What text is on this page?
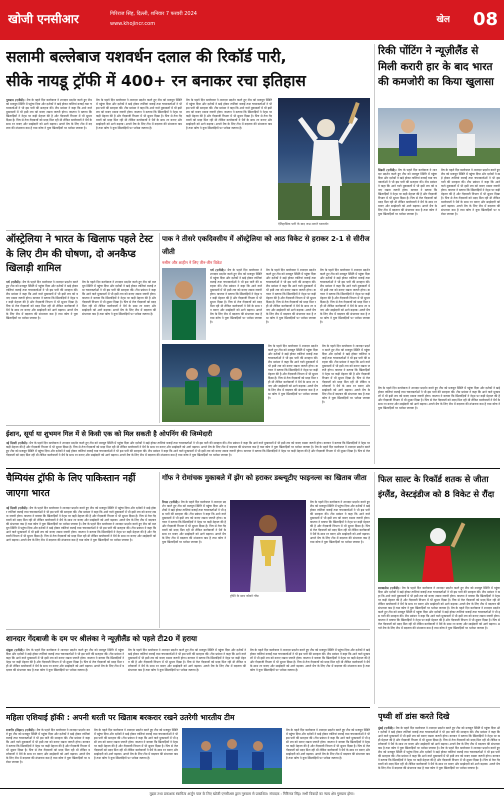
खोजी एनसीआर	गिरिराज सिंह, दिल्ली, शनिवार 7 फरवरी 2024
www.khojincr.com	खेल	08
सलामी बल्लेबाज यशवर्धन दलाल की रिकॉर्ड पारी,
सीके नायडू ट्रॉफी में 400+ रन बनाकर रचा इतिहास
गुरुग्राम (एजेंसी): मैच के पहले दिन बल्लेबाज ने शानदार प्रदर्शन करते हुए टीम को मजबूत स्थिति में पहुंचा दिया और दर्शकों ने खड़े होकर तालियां बजाईं तथा चयनकर्ताओं ने भी इस पारी की सराहना की। टीम प्रबंधन ने कहा कि आने वाले मुकाबलों में भी इसी लय को बनाए रखना जरूरी होगा। कप्तान ने बताया कि खिलाड़ियों ने नेट्स पर कड़ी मेहनत की है और गेंदबाजी विभाग में भी सुधार दिखा है। पिच से तेज गेंदबाजों को मदद मिल रही थी लेकिन बल्लेबाजों ने धैर्य के साथ रन बनाए और साझेदारी को आगे बढ़ाया। अगले मैच के लिए टीम में बदलाव की संभावना कम है तथा कोच ने युवा खिलाड़ियों पर भरोसा जताया है।
मैच के पहले दिन बल्लेबाज ने शानदार प्रदर्शन करते हुए टीम को मजबूत स्थिति में पहुंचा दिया और दर्शकों ने खड़े होकर तालियां बजाईं तथा चयनकर्ताओं ने भी इस पारी की सराहना की। टीम प्रबंधन ने कहा कि आने वाले मुकाबलों में भी इसी लय को बनाए रखना जरूरी होगा। कप्तान ने बताया कि खिलाड़ियों ने नेट्स पर कड़ी मेहनत की है और गेंदबाजी विभाग में भी सुधार दिखा है। पिच से तेज गेंदबाजों को मदद मिल रही थी लेकिन बल्लेबाजों ने धैर्य के साथ रन बनाए और साझेदारी को आगे बढ़ाया। अगले मैच के लिए टीम में बदलाव की संभावना कम है तथा कोच ने युवा खिलाड़ियों पर भरोसा जताया है।
मैच के पहले दिन बल्लेबाज ने शानदार प्रदर्शन करते हुए टीम को मजबूत स्थिति में पहुंचा दिया और दर्शकों ने खड़े होकर तालियां बजाईं तथा चयनकर्ताओं ने भी इस पारी की सराहना की। टीम प्रबंधन ने कहा कि आने वाले मुकाबलों में भी इसी लय को बनाए रखना जरूरी होगा। कप्तान ने बताया कि खिलाड़ियों ने नेट्स पर कड़ी मेहनत की है और गेंदबाजी विभाग में भी सुधार दिखा है। पिच से तेज गेंदबाजों को मदद मिल रही थी लेकिन बल्लेबाजों ने धैर्य के साथ रन बनाए और साझेदारी को आगे बढ़ाया। अगले मैच के लिए टीम में बदलाव की संभावना कम है तथा कोच ने युवा खिलाड़ियों पर भरोसा जताया है।
ऐतिहासिक पारी के बाद जश्न मनाते यशवर्धन
रिकी पोंटिंग ने न्यूज़ीलैंड से मिली करारी हार के बाद भारत की कमजोरी का किया खुलासा
सिडनी (एजेंसी): मैच के पहले दिन बल्लेबाज ने शानदार प्रदर्शन करते हुए टीम को मजबूत स्थिति में पहुंचा दिया और दर्शकों ने खड़े होकर तालियां बजाईं तथा चयनकर्ताओं ने भी इस पारी की सराहना की। टीम प्रबंधन ने कहा कि आने वाले मुकाबलों में भी इसी लय को बनाए रखना जरूरी होगा। कप्तान ने बताया कि खिलाड़ियों ने नेट्स पर कड़ी मेहनत की है और गेंदबाजी विभाग में भी सुधार दिखा है। पिच से तेज गेंदबाजों को मदद मिल रही थी लेकिन बल्लेबाजों ने धैर्य के साथ रन बनाए और साझेदारी को आगे बढ़ाया। अगले मैच के लिए टीम में बदलाव की संभावना कम है तथा कोच ने युवा खिलाड़ियों पर भरोसा जताया है।
मैच के पहले दिन बल्लेबाज ने शानदार प्रदर्शन करते हुए टीम को मजबूत स्थिति में पहुंचा दिया और दर्शकों ने खड़े होकर तालियां बजाईं तथा चयनकर्ताओं ने भी इस पारी की सराहना की। टीम प्रबंधन ने कहा कि आने वाले मुकाबलों में भी इसी लय को बनाए रखना जरूरी होगा। कप्तान ने बताया कि खिलाड़ियों ने नेट्स पर कड़ी मेहनत की है और गेंदबाजी विभाग में भी सुधार दिखा है। पिच से तेज गेंदबाजों को मदद मिल रही थी लेकिन बल्लेबाजों ने धैर्य के साथ रन बनाए और साझेदारी को आगे बढ़ाया। अगले मैच के लिए टीम में बदलाव की संभावना कम है तथा कोच ने युवा खिलाड़ियों पर भरोसा जताया है।
ऑस्ट्रेलिया ने भारत के खिलाफ पहले टेस्ट के लिए टीम की घोषणा, दो अनकैप्ड खिलाड़ी शामिल
पर्थ (एजेंसी): मैच के पहले दिन बल्लेबाज ने शानदार प्रदर्शन करते हुए टीम को मजबूत स्थिति में पहुंचा दिया और दर्शकों ने खड़े होकर तालियां बजाईं तथा चयनकर्ताओं ने भी इस पारी की सराहना की। टीम प्रबंधन ने कहा कि आने वाले मुकाबलों में भी इसी लय को बनाए रखना जरूरी होगा। कप्तान ने बताया कि खिलाड़ियों ने नेट्स पर कड़ी मेहनत की है और गेंदबाजी विभाग में भी सुधार दिखा है। पिच से तेज गेंदबाजों को मदद मिल रही थी लेकिन बल्लेबाजों ने धैर्य के साथ रन बनाए और साझेदारी को आगे बढ़ाया। अगले मैच के लिए टीम में बदलाव की संभावना कम है तथा कोच ने युवा खिलाड़ियों पर भरोसा जताया है।
मैच के पहले दिन बल्लेबाज ने शानदार प्रदर्शन करते हुए टीम को मजबूत स्थिति में पहुंचा दिया और दर्शकों ने खड़े होकर तालियां बजाईं तथा चयनकर्ताओं ने भी इस पारी की सराहना की। टीम प्रबंधन ने कहा कि आने वाले मुकाबलों में भी इसी लय को बनाए रखना जरूरी होगा। कप्तान ने बताया कि खिलाड़ियों ने नेट्स पर कड़ी मेहनत की है और गेंदबाजी विभाग में भी सुधार दिखा है। पिच से तेज गेंदबाजों को मदद मिल रही थी लेकिन बल्लेबाजों ने धैर्य के साथ रन बनाए और साझेदारी को आगे बढ़ाया। अगले मैच के लिए टीम में बदलाव की संभावना कम है तथा कोच ने युवा खिलाड़ियों पर भरोसा जताया है।
पाक ने तीसरे एकदिवसीय में ऑस्ट्रेलिया को आठ विकेट से हराकर 2-1 से सीरीज जीती
नसीम और शाहीन ने लिए तीन-तीन विकेट
पर्थ (एजेंसी): मैच के पहले दिन बल्लेबाज ने शानदार प्रदर्शन करते हुए टीम को मजबूत स्थिति में पहुंचा दिया और दर्शकों ने खड़े होकर तालियां बजाईं तथा चयनकर्ताओं ने भी इस पारी की सराहना की। टीम प्रबंधन ने कहा कि आने वाले मुकाबलों में भी इसी लय को बनाए रखना जरूरी होगा। कप्तान ने बताया कि खिलाड़ियों ने नेट्स पर कड़ी मेहनत की है और गेंदबाजी विभाग में भी सुधार दिखा है। पिच से तेज गेंदबाजों को मदद मिल रही थी लेकिन बल्लेबाजों ने धैर्य के साथ रन बनाए और साझेदारी को आगे बढ़ाया। अगले मैच के लिए टीम में बदलाव की संभावना कम है तथा कोच ने युवा खिलाड़ियों पर भरोसा जताया है।
मैच के पहले दिन बल्लेबाज ने शानदार प्रदर्शन करते हुए टीम को मजबूत स्थिति में पहुंचा दिया और दर्शकों ने खड़े होकर तालियां बजाईं तथा चयनकर्ताओं ने भी इस पारी की सराहना की। टीम प्रबंधन ने कहा कि आने वाले मुकाबलों में भी इसी लय को बनाए रखना जरूरी होगा। कप्तान ने बताया कि खिलाड़ियों ने नेट्स पर कड़ी मेहनत की है और गेंदबाजी विभाग में भी सुधार दिखा है। पिच से तेज गेंदबाजों को मदद मिल रही थी लेकिन बल्लेबाजों ने धैर्य के साथ रन बनाए और साझेदारी को आगे बढ़ाया। अगले मैच के लिए टीम में बदलाव की संभावना कम है तथा कोच ने युवा खिलाड़ियों पर भरोसा जताया है।
मैच के पहले दिन बल्लेबाज ने शानदार प्रदर्शन करते हुए टीम को मजबूत स्थिति में पहुंचा दिया और दर्शकों ने खड़े होकर तालियां बजाईं तथा चयनकर्ताओं ने भी इस पारी की सराहना की। टीम प्रबंधन ने कहा कि आने वाले मुकाबलों में भी इसी लय को बनाए रखना जरूरी होगा। कप्तान ने बताया कि खिलाड़ियों ने नेट्स पर कड़ी मेहनत की है और गेंदबाजी विभाग में भी सुधार दिखा है। पिच से तेज गेंदबाजों को मदद मिल रही थी लेकिन बल्लेबाजों ने धैर्य के साथ रन बनाए और साझेदारी को आगे बढ़ाया। अगले मैच के लिए टीम में बदलाव की संभावना कम है तथा कोच ने युवा खिलाड़ियों पर भरोसा जताया है।
मैच के पहले दिन बल्लेबाज ने शानदार प्रदर्शन करते हुए टीम को मजबूत स्थिति में पहुंचा दिया और दर्शकों ने खड़े होकर तालियां बजाईं तथा चयनकर्ताओं ने भी इस पारी की सराहना की। टीम प्रबंधन ने कहा कि आने वाले मुकाबलों में भी इसी लय को बनाए रखना जरूरी होगा। कप्तान ने बताया कि खिलाड़ियों ने नेट्स पर कड़ी मेहनत की है और गेंदबाजी विभाग में भी सुधार दिखा है। पिच से तेज गेंदबाजों को मदद मिल रही थी लेकिन बल्लेबाजों ने धैर्य के साथ रन बनाए और साझेदारी को आगे बढ़ाया। अगले मैच के लिए टीम में बदलाव की संभावना कम है तथा कोच ने युवा खिलाड़ियों पर भरोसा जताया है।
मैच के पहले दिन बल्लेबाज ने शानदार प्रदर्शन करते हुए टीम को मजबूत स्थिति में पहुंचा दिया और दर्शकों ने खड़े होकर तालियां बजाईं तथा चयनकर्ताओं ने भी इस पारी की सराहना की। टीम प्रबंधन ने कहा कि आने वाले मुकाबलों में भी इसी लय को बनाए रखना जरूरी होगा। कप्तान ने बताया कि खिलाड़ियों ने नेट्स पर कड़ी मेहनत की है और गेंदबाजी विभाग में भी सुधार दिखा है। पिच से तेज गेंदबाजों को मदद मिल रही थी लेकिन बल्लेबाजों ने धैर्य के साथ रन बनाए और साझेदारी को आगे बढ़ाया। अगले मैच के लिए टीम में बदलाव की संभावना कम है तथा कोच ने युवा खिलाड़ियों पर भरोसा जताया है।
ईशान, सूर्या या शुभमन गिल में से किसी एक को मिल सकती है ओपनिंग की जिम्मेदारी
नई दिल्ली (एजेंसी): मैच के पहले दिन बल्लेबाज ने शानदार प्रदर्शन करते हुए टीम को मजबूत स्थिति में पहुंचा दिया और दर्शकों ने खड़े होकर तालियां बजाईं तथा चयनकर्ताओं ने भी इस पारी की सराहना की। टीम प्रबंधन ने कहा कि आने वाले मुकाबलों में भी इसी लय को बनाए रखना जरूरी होगा। कप्तान ने बताया कि खिलाड़ियों ने नेट्स पर कड़ी मेहनत की है और गेंदबाजी विभाग में भी सुधार दिखा है। पिच से तेज गेंदबाजों को मदद मिल रही थी लेकिन बल्लेबाजों ने धैर्य के साथ रन बनाए और साझेदारी को आगे बढ़ाया। अगले मैच के लिए टीम में बदलाव की संभावना कम है तथा कोच ने युवा खिलाड़ियों पर भरोसा जताया है। मैच के पहले दिन बल्लेबाज ने शानदार प्रदर्शन करते हुए टीम को मजबूत स्थिति में पहुंचा दिया और दर्शकों ने खड़े होकर तालियां बजाईं तथा चयनकर्ताओं ने भी इस पारी की सराहना की। टीम प्रबंधन ने कहा कि आने वाले मुकाबलों में भी इसी लय को बनाए रखना जरूरी होगा। कप्तान ने बताया कि खिलाड़ियों ने नेट्स पर कड़ी मेहनत की है और गेंदबाजी विभाग में भी सुधार दिखा है। पिच से तेज गेंदबाजों को मदद मिल रही थी लेकिन बल्लेबाजों ने धैर्य के साथ रन बनाए और साझेदारी को आगे बढ़ाया। अगले मैच के लिए टीम में बदलाव की संभावना कम है तथा कोच ने युवा खिलाड़ियों पर भरोसा जताया है।
मैच के पहले दिन बल्लेबाज ने शानदार प्रदर्शन करते हुए टीम को मजबूत स्थिति में पहुंचा दिया और दर्शकों ने खड़े होकर तालियां बजाईं तथा चयनकर्ताओं ने भी इस पारी की सराहना की। टीम प्रबंधन ने कहा कि आने वाले मुकाबलों में भी इसी लय को बनाए रखना जरूरी होगा। कप्तान ने बताया कि खिलाड़ियों ने नेट्स पर कड़ी मेहनत की है और गेंदबाजी विभाग में भी सुधार दिखा है। पिच से तेज गेंदबाजों को मदद मिल रही थी लेकिन बल्लेबाजों ने धैर्य के साथ रन बनाए और साझेदारी को आगे बढ़ाया। अगले मैच के लिए टीम में बदलाव की संभावना कम है तथा कोच ने युवा खिलाड़ियों पर भरोसा जताया है।
चैम्पियंस ट्रॉफी के लिए पाकिस्तान नहीं जाएगा भारत
नई दिल्ली (एजेंसी): मैच के पहले दिन बल्लेबाज ने शानदार प्रदर्शन करते हुए टीम को मजबूत स्थिति में पहुंचा दिया और दर्शकों ने खड़े होकर तालियां बजाईं तथा चयनकर्ताओं ने भी इस पारी की सराहना की। टीम प्रबंधन ने कहा कि आने वाले मुकाबलों में भी इसी लय को बनाए रखना जरूरी होगा। कप्तान ने बताया कि खिलाड़ियों ने नेट्स पर कड़ी मेहनत की है और गेंदबाजी विभाग में भी सुधार दिखा है। पिच से तेज गेंदबाजों को मदद मिल रही थी लेकिन बल्लेबाजों ने धैर्य के साथ रन बनाए और साझेदारी को आगे बढ़ाया। अगले मैच के लिए टीम में बदलाव की संभावना कम है तथा कोच ने युवा खिलाड़ियों पर भरोसा जताया है। मैच के पहले दिन बल्लेबाज ने शानदार प्रदर्शन करते हुए टीम को मजबूत स्थिति में पहुंचा दिया और दर्शकों ने खड़े होकर तालियां बजाईं तथा चयनकर्ताओं ने भी इस पारी की सराहना की। टीम प्रबंधन ने कहा कि आने वाले मुकाबलों में भी इसी लय को बनाए रखना जरूरी होगा। कप्तान ने बताया कि खिलाड़ियों ने नेट्स पर कड़ी मेहनत की है और गेंदबाजी विभाग में भी सुधार दिखा है। पिच से तेज गेंदबाजों को मदद मिल रही थी लेकिन बल्लेबाजों ने धैर्य के साथ रन बनाए और साझेदारी को आगे बढ़ाया। अगले मैच के लिए टीम में बदलाव की संभावना कम है तथा कोच ने युवा खिलाड़ियों पर भरोसा जताया है।
गॉफ ने रोमांचक मुकाबले में झेंग को हराकर डब्ल्यूटीए फाइनल्स का खिताब जीता
रियाद (एजेंसी): मैच के पहले दिन बल्लेबाज ने शानदार प्रदर्शन करते हुए टीम को मजबूत स्थिति में पहुंचा दिया और दर्शकों ने खड़े होकर तालियां बजाईं तथा चयनकर्ताओं ने भी इस पारी की सराहना की। टीम प्रबंधन ने कहा कि आने वाले मुकाबलों में भी इसी लय को बनाए रखना जरूरी होगा। कप्तान ने बताया कि खिलाड़ियों ने नेट्स पर कड़ी मेहनत की है और गेंदबाजी विभाग में भी सुधार दिखा है। पिच से तेज गेंदबाजों को मदद मिल रही थी लेकिन बल्लेबाजों ने धैर्य के साथ रन बनाए और साझेदारी को आगे बढ़ाया। अगले मैच के लिए टीम में बदलाव की संभावना कम है तथा कोच ने युवा खिलाड़ियों पर भरोसा जताया है।
ट्रॉफी के साथ कोको गॉफ
मैच के पहले दिन बल्लेबाज ने शानदार प्रदर्शन करते हुए टीम को मजबूत स्थिति में पहुंचा दिया और दर्शकों ने खड़े होकर तालियां बजाईं तथा चयनकर्ताओं ने भी इस पारी की सराहना की। टीम प्रबंधन ने कहा कि आने वाले मुकाबलों में भी इसी लय को बनाए रखना जरूरी होगा। कप्तान ने बताया कि खिलाड़ियों ने नेट्स पर कड़ी मेहनत की है और गेंदबाजी विभाग में भी सुधार दिखा है। पिच से तेज गेंदबाजों को मदद मिल रही थी लेकिन बल्लेबाजों ने धैर्य के साथ रन बनाए और साझेदारी को आगे बढ़ाया। अगले मैच के लिए टीम में बदलाव की संभावना कम है तथा कोच ने युवा खिलाड़ियों पर भरोसा जताया है।
फिल साल्ट के रिकॉर्ड शतक से जीता इंग्लैंड, वेस्टइंडीज को 8 विकेट से रौंदा
बारबाडोस (एजेंसी): मैच के पहले दिन बल्लेबाज ने शानदार प्रदर्शन करते हुए टीम को मजबूत स्थिति में पहुंचा दिया और दर्शकों ने खड़े होकर तालियां बजाईं तथा चयनकर्ताओं ने भी इस पारी की सराहना की। टीम प्रबंधन ने कहा कि आने वाले मुकाबलों में भी इसी लय को बनाए रखना जरूरी होगा। कप्तान ने बताया कि खिलाड़ियों ने नेट्स पर कड़ी मेहनत की है और गेंदबाजी विभाग में भी सुधार दिखा है। पिच से तेज गेंदबाजों को मदद मिल रही थी लेकिन बल्लेबाजों ने धैर्य के साथ रन बनाए और साझेदारी को आगे बढ़ाया। अगले मैच के लिए टीम में बदलाव की संभावना कम है तथा कोच ने युवा खिलाड़ियों पर भरोसा जताया है। मैच के पहले दिन बल्लेबाज ने शानदार प्रदर्शन करते हुए टीम को मजबूत स्थिति में पहुंचा दिया और दर्शकों ने खड़े होकर तालियां बजाईं तथा चयनकर्ताओं ने भी इस पारी की सराहना की। टीम प्रबंधन ने कहा कि आने वाले मुकाबलों में भी इसी लय को बनाए रखना जरूरी होगा। कप्तान ने बताया कि खिलाड़ियों ने नेट्स पर कड़ी मेहनत की है और गेंदबाजी विभाग में भी सुधार दिखा है। पिच से तेज गेंदबाजों को मदद मिल रही थी लेकिन बल्लेबाजों ने धैर्य के साथ रन बनाए और साझेदारी को आगे बढ़ाया। अगले मैच के लिए टीम में बदलाव की संभावना कम है तथा कोच ने युवा खिलाड़ियों पर भरोसा जताया है।
शानदार गेंदबाजी के दम पर श्रीलंका ने न्यूज़ीलैंड को पहले टी20 में हराया
दांबुला (एजेंसी): मैच के पहले दिन बल्लेबाज ने शानदार प्रदर्शन करते हुए टीम को मजबूत स्थिति में पहुंचा दिया और दर्शकों ने खड़े होकर तालियां बजाईं तथा चयनकर्ताओं ने भी इस पारी की सराहना की। टीम प्रबंधन ने कहा कि आने वाले मुकाबलों में भी इसी लय को बनाए रखना जरूरी होगा। कप्तान ने बताया कि खिलाड़ियों ने नेट्स पर कड़ी मेहनत की है और गेंदबाजी विभाग में भी सुधार दिखा है। पिच से तेज गेंदबाजों को मदद मिल रही थी लेकिन बल्लेबाजों ने धैर्य के साथ रन बनाए और साझेदारी को आगे बढ़ाया। अगले मैच के लिए टीम में बदलाव की संभावना कम है तथा कोच ने युवा खिलाड़ियों पर भरोसा जताया है।
मैच के पहले दिन बल्लेबाज ने शानदार प्रदर्शन करते हुए टीम को मजबूत स्थिति में पहुंचा दिया और दर्शकों ने खड़े होकर तालियां बजाईं तथा चयनकर्ताओं ने भी इस पारी की सराहना की। टीम प्रबंधन ने कहा कि आने वाले मुकाबलों में भी इसी लय को बनाए रखना जरूरी होगा। कप्तान ने बताया कि खिलाड़ियों ने नेट्स पर कड़ी मेहनत की है और गेंदबाजी विभाग में भी सुधार दिखा है। पिच से तेज गेंदबाजों को मदद मिल रही थी लेकिन बल्लेबाजों ने धैर्य के साथ रन बनाए और साझेदारी को आगे बढ़ाया। अगले मैच के लिए टीम में बदलाव की संभावना कम है तथा कोच ने युवा खिलाड़ियों पर भरोसा जताया है।
मैच के पहले दिन बल्लेबाज ने शानदार प्रदर्शन करते हुए टीम को मजबूत स्थिति में पहुंचा दिया और दर्शकों ने खड़े होकर तालियां बजाईं तथा चयनकर्ताओं ने भी इस पारी की सराहना की। टीम प्रबंधन ने कहा कि आने वाले मुकाबलों में भी इसी लय को बनाए रखना जरूरी होगा। कप्तान ने बताया कि खिलाड़ियों ने नेट्स पर कड़ी मेहनत की है और गेंदबाजी विभाग में भी सुधार दिखा है। पिच से तेज गेंदबाजों को मदद मिल रही थी लेकिन बल्लेबाजों ने धैर्य के साथ रन बनाए और साझेदारी को आगे बढ़ाया। अगले मैच के लिए टीम में बदलाव की संभावना कम है तथा कोच ने युवा खिलाड़ियों पर भरोसा जताया है।
महिला एशियाई हॉकी : अपनी धरती पर खिताब बरकरार रखने उतरेगी भारतीय टीम
राजगीर (बिहार) (एजेंसी): मैच के पहले दिन बल्लेबाज ने शानदार प्रदर्शन करते हुए टीम को मजबूत स्थिति में पहुंचा दिया और दर्शकों ने खड़े होकर तालियां बजाईं तथा चयनकर्ताओं ने भी इस पारी की सराहना की। टीम प्रबंधन ने कहा कि आने वाले मुकाबलों में भी इसी लय को बनाए रखना जरूरी होगा। कप्तान ने बताया कि खिलाड़ियों ने नेट्स पर कड़ी मेहनत की है और गेंदबाजी विभाग में भी सुधार दिखा है। पिच से तेज गेंदबाजों को मदद मिल रही थी लेकिन बल्लेबाजों ने धैर्य के साथ रन बनाए और साझेदारी को आगे बढ़ाया। अगले मैच के लिए टीम में बदलाव की संभावना कम है तथा कोच ने युवा खिलाड़ियों पर भरोसा जताया है।
मैच के पहले दिन बल्लेबाज ने शानदार प्रदर्शन करते हुए टीम को मजबूत स्थिति में पहुंचा दिया और दर्शकों ने खड़े होकर तालियां बजाईं तथा चयनकर्ताओं ने भी इस पारी की सराहना की। टीम प्रबंधन ने कहा कि आने वाले मुकाबलों में भी इसी लय को बनाए रखना जरूरी होगा। कप्तान ने बताया कि खिलाड़ियों ने नेट्स पर कड़ी मेहनत की है और गेंदबाजी विभाग में भी सुधार दिखा है। पिच से तेज गेंदबाजों को मदद मिल रही थी लेकिन बल्लेबाजों ने धैर्य के साथ रन बनाए और साझेदारी को आगे बढ़ाया। अगले मैच के लिए टीम में बदलाव की संभावना कम है तथा कोच ने युवा खिलाड़ियों पर भरोसा जताया है।
मैच के पहले दिन बल्लेबाज ने शानदार प्रदर्शन करते हुए टीम को मजबूत स्थिति में पहुंचा दिया और दर्शकों ने खड़े होकर तालियां बजाईं तथा चयनकर्ताओं ने भी इस पारी की सराहना की। टीम प्रबंधन ने कहा कि आने वाले मुकाबलों में भी इसी लय को बनाए रखना जरूरी होगा। कप्तान ने बताया कि खिलाड़ियों ने नेट्स पर कड़ी मेहनत की है और गेंदबाजी विभाग में भी सुधार दिखा है। पिच से तेज गेंदबाजों को मदद मिल रही थी लेकिन बल्लेबाजों ने धैर्य के साथ रन बनाए और साझेदारी को आगे बढ़ाया। अगले मैच के लिए टीम में बदलाव की संभावना कम है तथा कोच ने युवा खिलाड़ियों पर भरोसा जताया है।
पृथ्वी शॉ डांस करते दिखे
मुंबई (एजेंसी): मैच के पहले दिन बल्लेबाज ने शानदार प्रदर्शन करते हुए टीम को मजबूत स्थिति में पहुंचा दिया और दर्शकों ने खड़े होकर तालियां बजाईं तथा चयनकर्ताओं ने भी इस पारी की सराहना की। टीम प्रबंधन ने कहा कि आने वाले मुकाबलों में भी इसी लय को बनाए रखना जरूरी होगा। कप्तान ने बताया कि खिलाड़ियों ने नेट्स पर कड़ी मेहनत की है और गेंदबाजी विभाग में भी सुधार दिखा है। पिच से तेज गेंदबाजों को मदद मिल रही थी लेकिन बल्लेबाजों ने धैर्य के साथ रन बनाए और साझेदारी को आगे बढ़ाया। अगले मैच के लिए टीम में बदलाव की संभावना कम है तथा कोच ने युवा खिलाड़ियों पर भरोसा जताया है। मैच के पहले दिन बल्लेबाज ने शानदार प्रदर्शन करते हुए टीम को मजबूत स्थिति में पहुंचा दिया और दर्शकों ने खड़े होकर तालियां बजाईं तथा चयनकर्ताओं ने भी इस पारी की सराहना की। टीम प्रबंधन ने कहा कि आने वाले मुकाबलों में भी इसी लय को बनाए रखना जरूरी होगा। कप्तान ने बताया कि खिलाड़ियों ने नेट्स पर कड़ी मेहनत की है और गेंदबाजी विभाग में भी सुधार दिखा है। पिच से तेज गेंदबाजों को मदद मिल रही थी लेकिन बल्लेबाजों ने धैर्य के साथ रन बनाए और साझेदारी को आगे बढ़ाया। अगले मैच के लिए टीम में बदलाव की संभावना कम है तथा कोच ने युवा खिलाड़ियों पर भरोसा जताया है।
मुद्रक तथा प्रकाशक स्वामित्व अर्जुन पाल के लिए खोजी एनसीआर द्वारा गुरुग्राम से प्रकाशित। संपादक : गिरिराज सिंह। सभी विवादों का न्याय क्षेत्र गुरुग्राम होगा।
